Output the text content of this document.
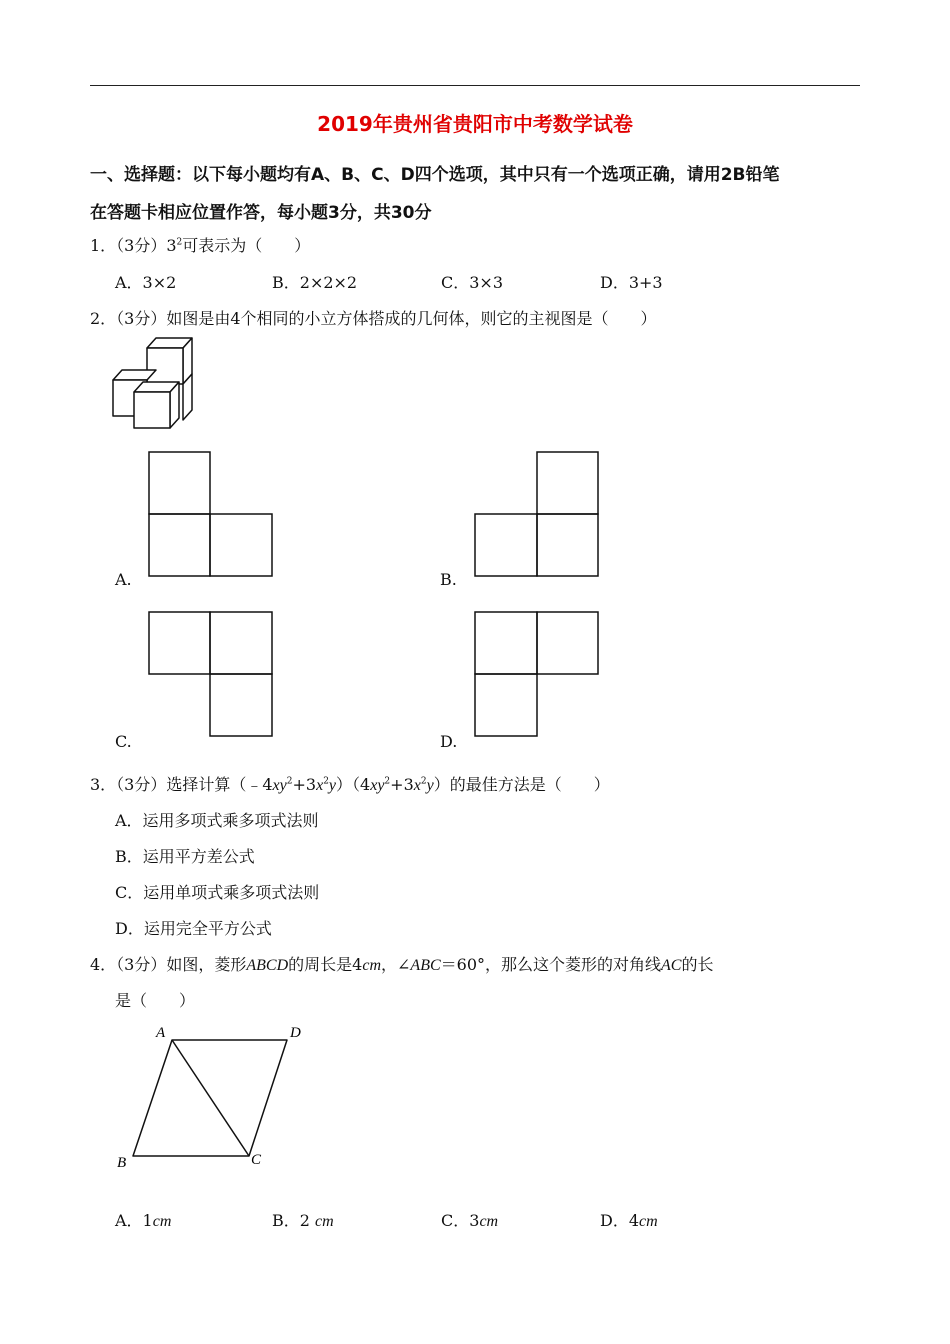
2019年贵州省贵阳市中考数学试卷
一、选择题：以下每小题均有A、B、C、D四个选项，其中只有一个选项正确，请用2B铅笔
在答题卡相应位置作答，每小题3分，共30分
1．（3分）$3^2$可表示为（　　）
A．3×2	B．2×2×2	C．3×3	D．3+3
2．（3分）如图是由4个相同的小立方体搭成的几何体，则它的主视图是（　　）
A.	B.
C.	D.
3．（3分）选择计算$(﹣4xy^2+3x^2y)(4xy^2+3x^2y)$的最佳方法是（　　）
A．运用多项式乘多项式法则
B．运用平方差公式
C．运用单项式乘多项式法则
D．运用完全平方公式
4．（3分）如图，菱形ABCD的周长是4cm，∠ABC＝60°，那么这个菱形的对角线AC的长
是（　　）
A	D
B	C
A．1cm	B．2 cm	C．3cm	D．4cm
